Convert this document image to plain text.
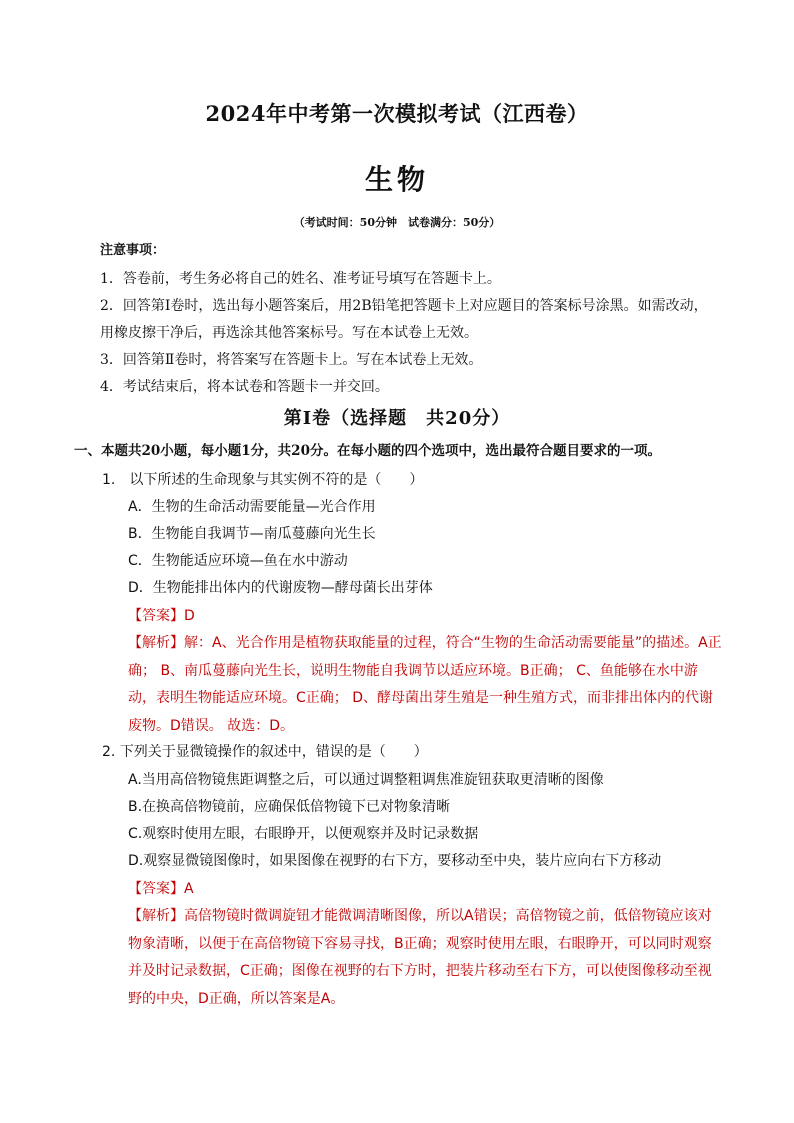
2024年中考第一次模拟考试（江西卷）
生物
（考试时间：50分钟　试卷满分：50分）
注意事项：
1．答卷前，考生务必将自己的姓名、准考证号填写在答题卡上。
2．回答第Ⅰ卷时，选出每小题答案后，用2B铅笔把答题卡上对应题目的答案标号涂黑。如需改动，
用橡皮擦干净后，再选涂其他答案标号。写在本试卷上无效。
3．回答第Ⅱ卷时，将答案写在答题卡上。写在本试卷上无效。
4．考试结束后，将本试卷和答题卡一并交回。
第Ⅰ卷（选择题　共20分）
一、本题共20小题，每小题1分，共20分。在每小题的四个选项中，选出最符合题目要求的一项。
1.　以下所述的生命现象与其实例不符的是（　　）
A．生物的生命活动需要能量—光合作用
B．生物能自我调节—南瓜蔓藤向光生长
C．生物能适应环境—鱼在水中游动
D．生物能排出体内的代谢废物—酵母菌长出芽体
【答案】D
【解析】解：A、光合作用是植物获取能量的过程，符合“生物的生命活动需要能量”的描述。A正确； B、南瓜蔓藤向光生长，说明生物能自我调节以适应环境。B正确； C、鱼能够在水中游动，表明生物能适应环境。C正确； D、酵母菌出芽生殖是一种生殖方式，而非排出体内的代谢废物。D错误。 故选：D。
2. 下列关于显微镜操作的叙述中，错误的是（　　）
A.当用高倍物镜焦距调整之后，可以通过调整粗调焦准旋钮获取更清晰的图像
B.在换高倍物镜前，应确保低倍物镜下已对物象清晰
C.观察时使用左眼，右眼睁开，以便观察并及时记录数据
D.观察显微镜图像时，如果图像在视野的右下方，要移动至中央，装片应向右下方移动
【答案】A
【解析】高倍物镜时微调旋钮才能微调清晰图像，所以A错误；高倍物镜之前，低倍物镜应该对物象清晰，以便于在高倍物镜下容易寻找，B正确；观察时使用左眼，右眼睁开，可以同时观察并及时记录数据，C正确；图像在视野的右下方时，把装片移动至右下方，可以使图像移动至视野的中央，D正确，所以答案是A。
